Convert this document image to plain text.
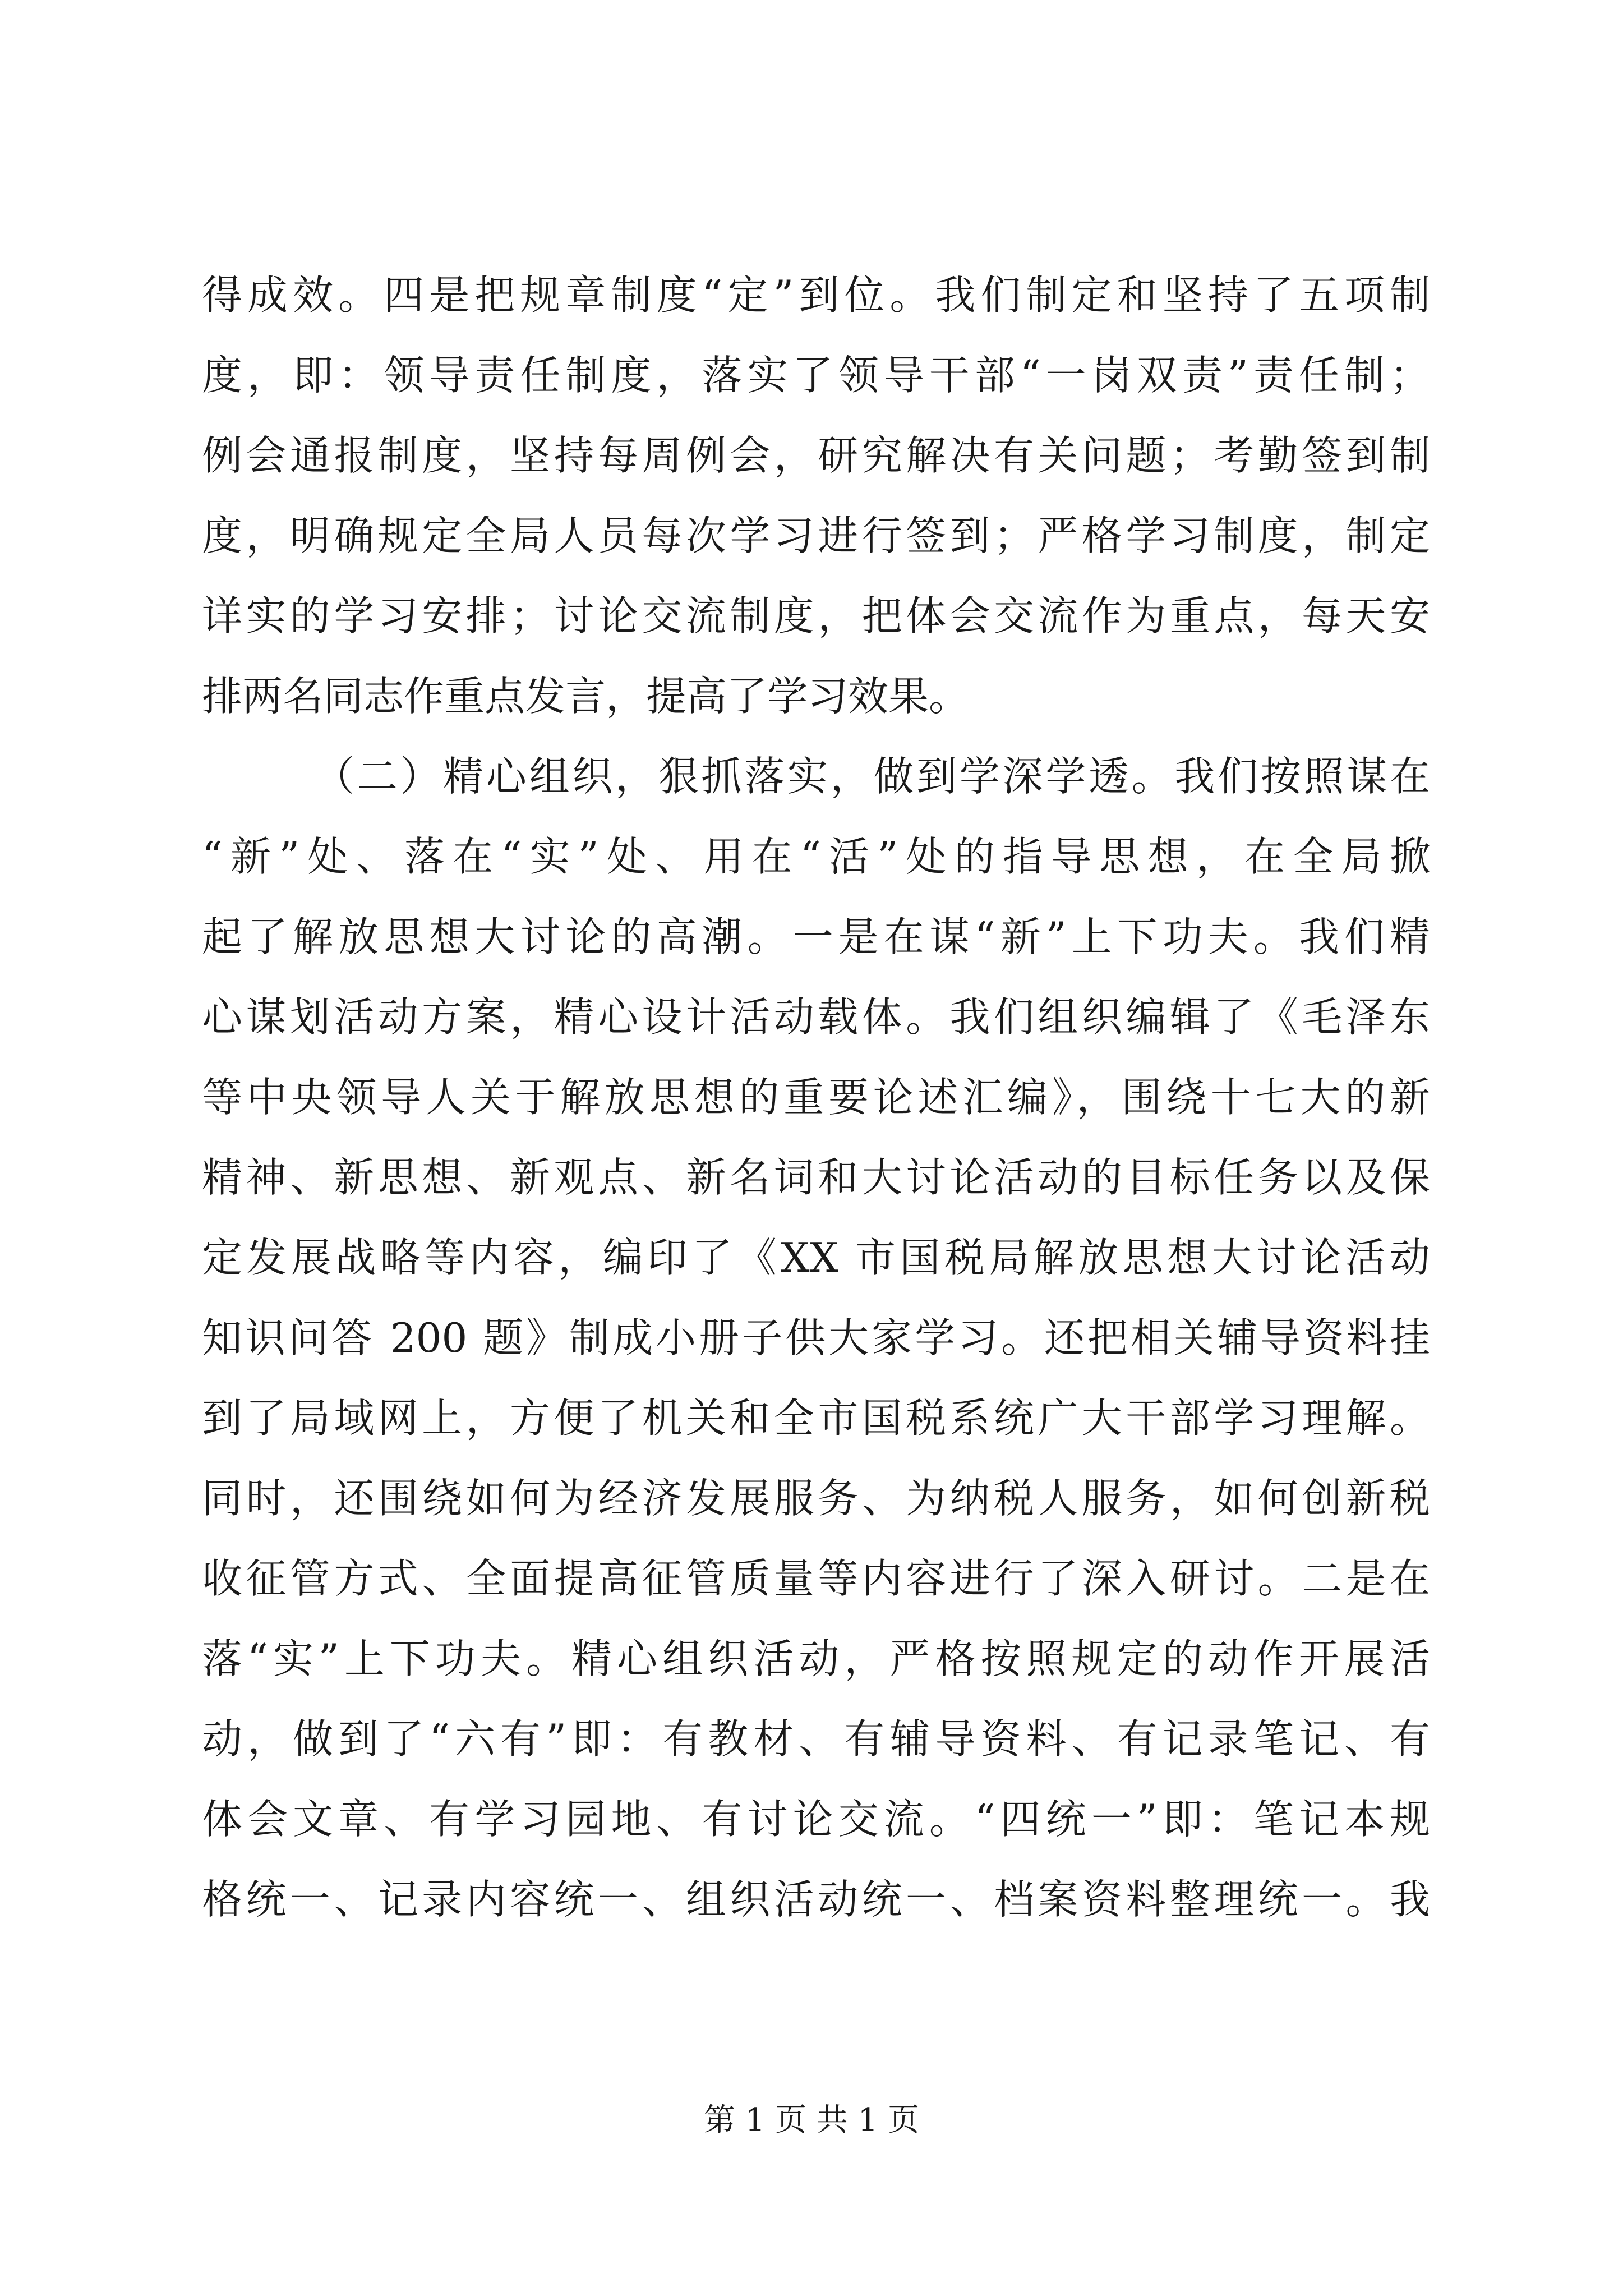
得成效。四是把规章制度“定”到位。我们制定和坚持了五项制
度，即：领导责任制度，落实了领导干部“一岗双责”责任制；
例会通报制度，坚持每周例会，研究解决有关问题；考勤签到制
度，明确规定全局人员每次学习进行签到；严格学习制度，制定
详实的学习安排；讨论交流制度，把体会交流作为重点，每天安
排两名同志作重点发言，提高了学习效果。
（二）精心组织，狠抓落实，做到学深学透。我们按照谋在
“新”处、落在“实”处、用在“活”处的指导思想，在全局掀
起了解放思想大讨论的高潮。一是在谋“新”上下功夫。我们精
心谋划活动方案，精心设计活动载体。我们组织编辑了《毛泽东
等中央领导人关于解放思想的重要论述汇编》，围绕十七大的新
精神、新思想、新观点、新名词和大讨论活动的目标任务以及保
定发展战略等内容，编印了《XX 市国税局解放思想大讨论活动
知识问答 200 题》制成小册子供大家学习。还把相关辅导资料挂
到了局域网上，方便了机关和全市国税系统广大干部学习理解。
同时，还围绕如何为经济发展服务、为纳税人服务，如何创新税
收征管方式、全面提高征管质量等内容进行了深入研讨。二是在
落“实”上下功夫。精心组织活动，严格按照规定的动作开展活
动，做到了“六有”即：有教材、有辅导资料、有记录笔记、有
体会文章、有学习园地、有讨论交流。“四统一”即：笔记本规
格统一、记录内容统一、组织活动统一、档案资料整理统一。我
第 1 页 共 1 页
